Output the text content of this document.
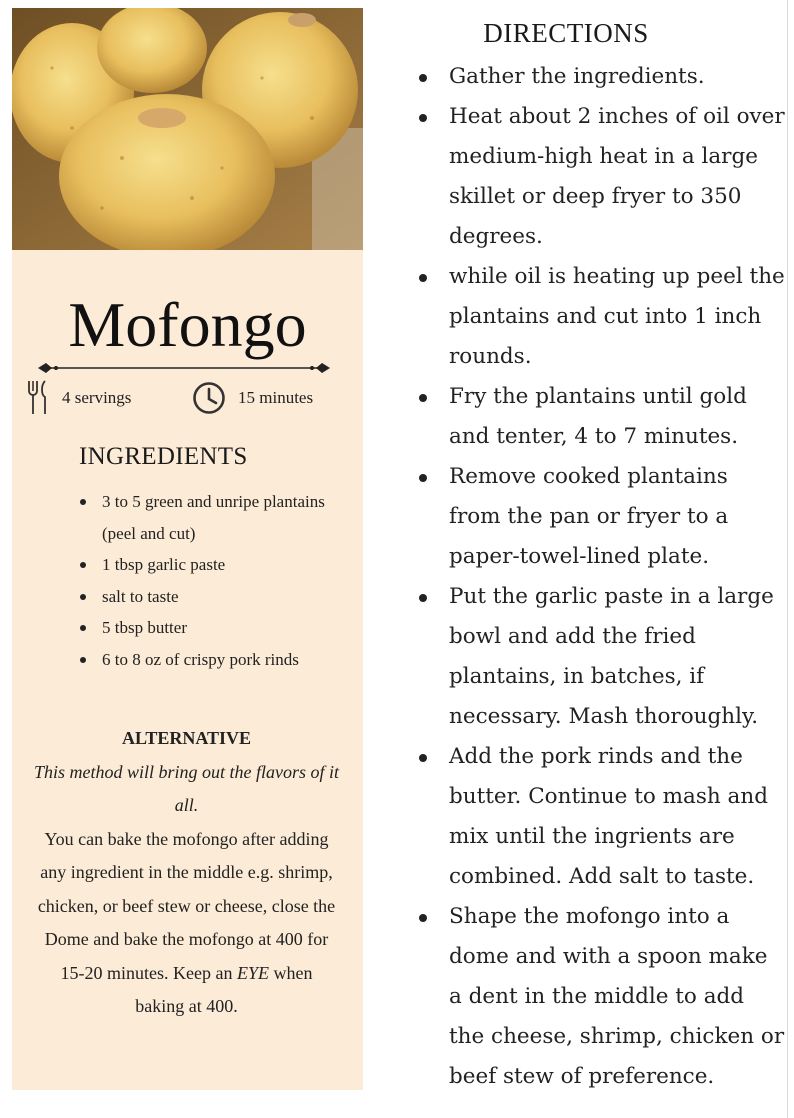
Mofongo
4 servings	15 minutes
INGREDIENTS
3 to 5 green and unripe plantains (peel and cut)
1 tbsp garlic paste
salt to taste
5 tbsp butter
6 to 8 oz of crispy pork rinds
ALTERNATIVE
This method will bring out the flavors of it all.
You can bake the mofongo after adding any ingredient in the middle e.g. shrimp, chicken, or beef stew or cheese, close the Dome and bake the mofongo at 400 for 15-20 minutes. Keep an EYE when baking at 400.
DIRECTIONS
Gather the ingredients.
Heat about 2 inches of oil over medium-high heat in a large skillet or deep fryer to 350 degrees.
while oil is heating up peel the plantains and cut into 1 inch rounds.
Fry the plantains until gold and tenter, 4 to 7 minutes.
Remove cooked plantains from the pan or fryer to a paper-towel-lined plate.
Put the garlic paste in a large bowl and add the fried plantains, in batches, if necessary. Mash thoroughly.
Add the pork rinds and the butter. Continue to mash and mix until the ingrients are combined. Add salt to taste.
Shape the mofongo into a dome and with a spoon make a dent in the middle to add the cheese, shrimp, chicken or beef stew of preference.
